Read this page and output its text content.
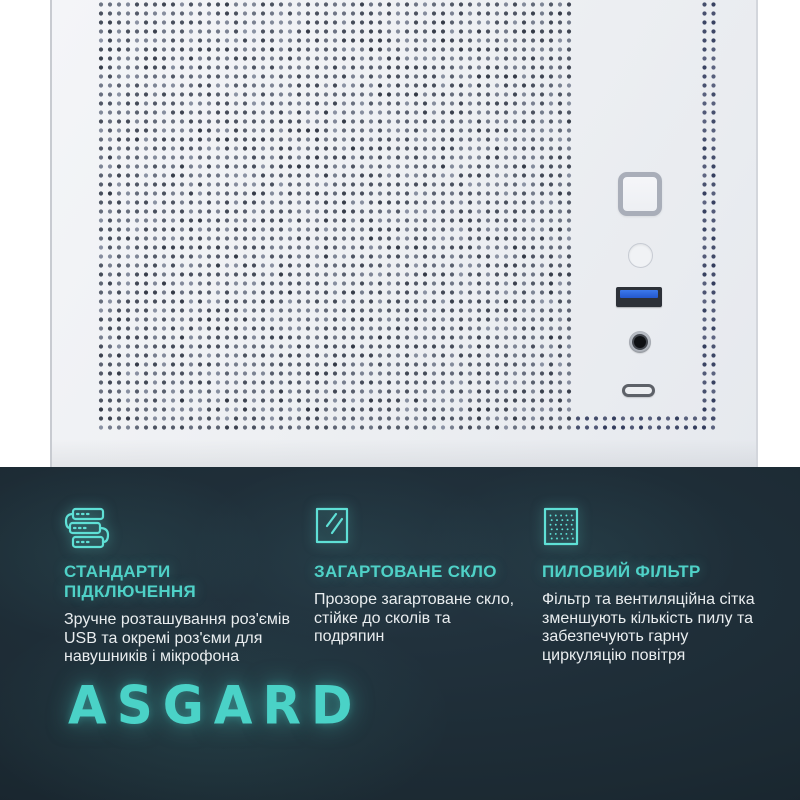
СТАНДАРТИ ПІДКЛЮЧЕННЯ

Зручне розташування роз'ємів USB та окремі роз'єми для навушників і мікрофона

ЗАГАРТОВАНЕ СКЛО

Прозоре загартоване скло, стійке до сколів та подряпин

ПИЛОВИЙ ФІЛЬТР

Фільтр та вентиляційна сітка зменшують кількість пилу та забезпечують гарну циркуляцію повітря

ASGARD
